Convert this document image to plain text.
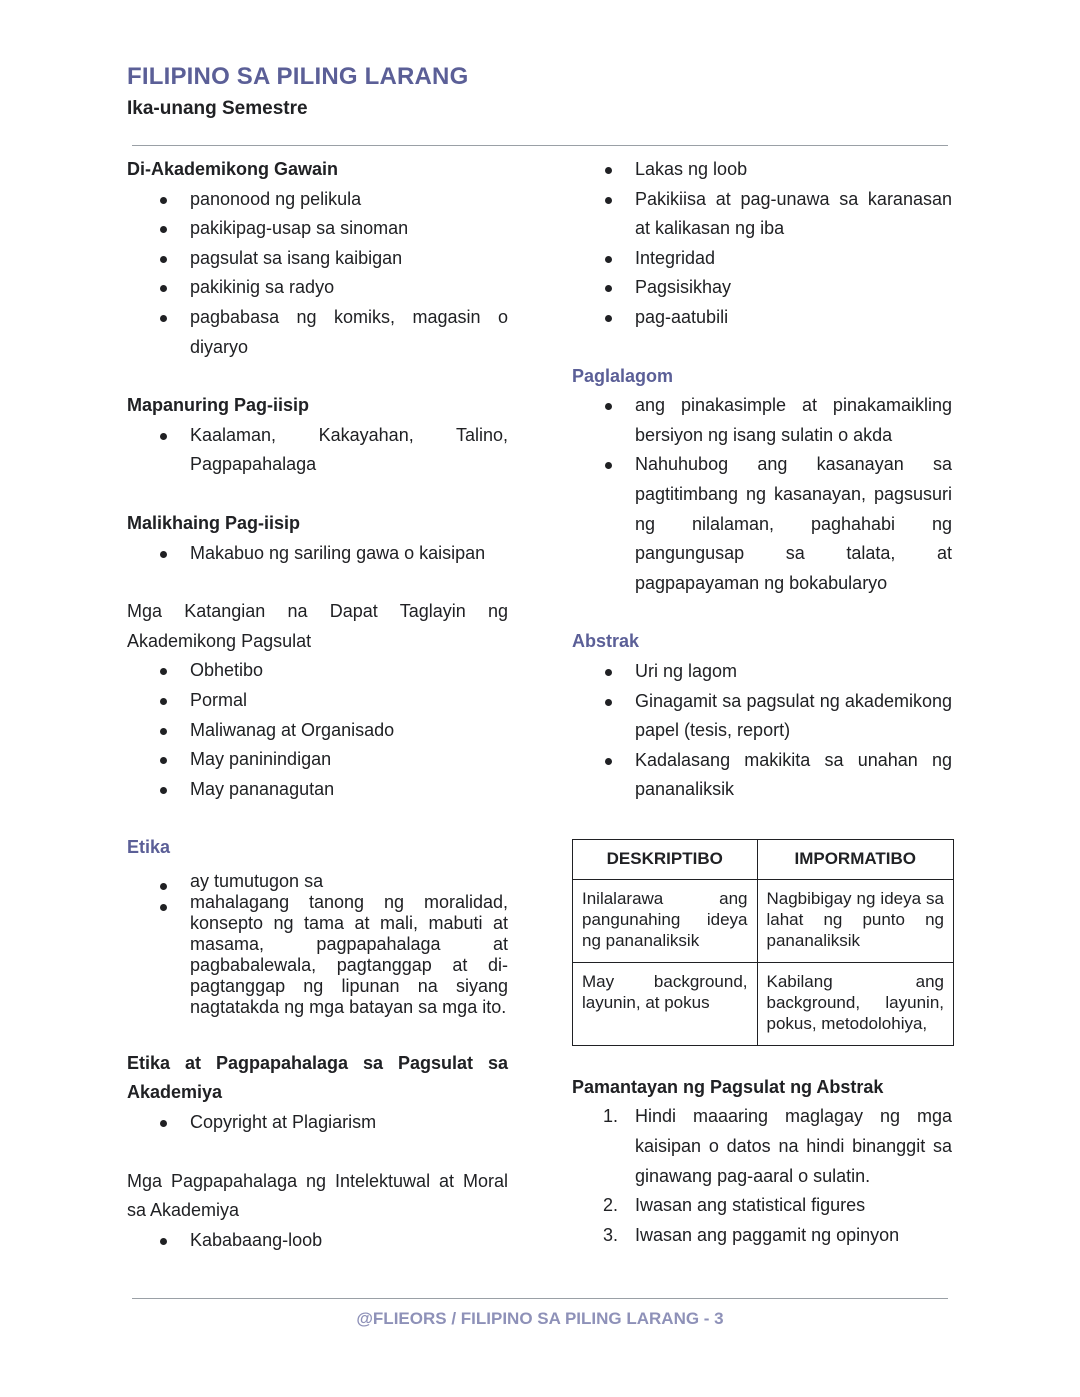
FILIPINO SA PILING LARANG
Ika-unang Semestre

Di-Akademikong Gawain

panonood ng pelikula
pakikipag-usap sa sinoman
pagsulat sa isang kaibigan
pakikinig sa radyo
pagbabasa ng komiks, magasin o diyaryo

Mapanuring Pag-iisip

Kaalaman, Kakayahan, Talino, Pagpapahalaga

Malikhaing Pag-iisip

Makabuo ng sariling gawa o kaisipan

Mga Katangian na Dapat Taglayin ng Akademikong Pagsulat

Obhetibo
Pormal
Maliwanag at Organisado
May paninindigan
May pananagutan

Etika

ay tumutugon sa
mahalagang tanong ng moralidad, konsepto ng tama at mali, mabuti at masama, pagpapahalaga at pagbabalewala, pagtanggap at di-pagtanggap ng lipunan na siyang nagtatakda ng mga batayan sa mga ito.

Etika at Pagpapahalaga sa Pagsulat sa Akademiya

Copyright at Plagiarism

Mga Pagpapahalaga ng Intelektuwal at Moral sa Akademiya

Kababaang-loob
Lakas ng loob
Pakikiisa at pag-unawa sa karanasan at kalikasan ng iba
Integridad
Pagsisikhay
pag-aatubili

Paglalagom

ang pinakasimple at pinakamaikling bersiyon ng isang sulatin o akda
Nahuhubog ang kasanayan sa pagtitimbang ng kasanayan, pagsusuri ng nilalaman, paghahabi ng pangungusap sa talata, at pagpapayaman ng bokabularyo

Abstrak

Uri ng lagom
Ginagamit sa pagsulat ng akademikong papel (tesis, report)
Kadalasang makikita sa unahan ng pananaliksik
DESKRIPTIBO	IMPORMATIBO
Inilalarawa ang pangunahing ideya ng pananaliksik	Nagbibigay ng ideya sa lahat ng punto ng pananaliksik
May background, layunin, at pokus	Kabilang ang background, layunin, pokus, metodolohiya,

Pamantayan ng Pagsulat ng Abstrak

1. Hindi maaaring maglagay ng mga kaisipan o datos na hindi binanggit sa ginawang pag-aaral o sulatin.
2. Iwasan ang statistical figures
3. Iwasan ang paggamit ng opinyon
@FLIEORS / FILIPINO SA PILING LARANG - 3
